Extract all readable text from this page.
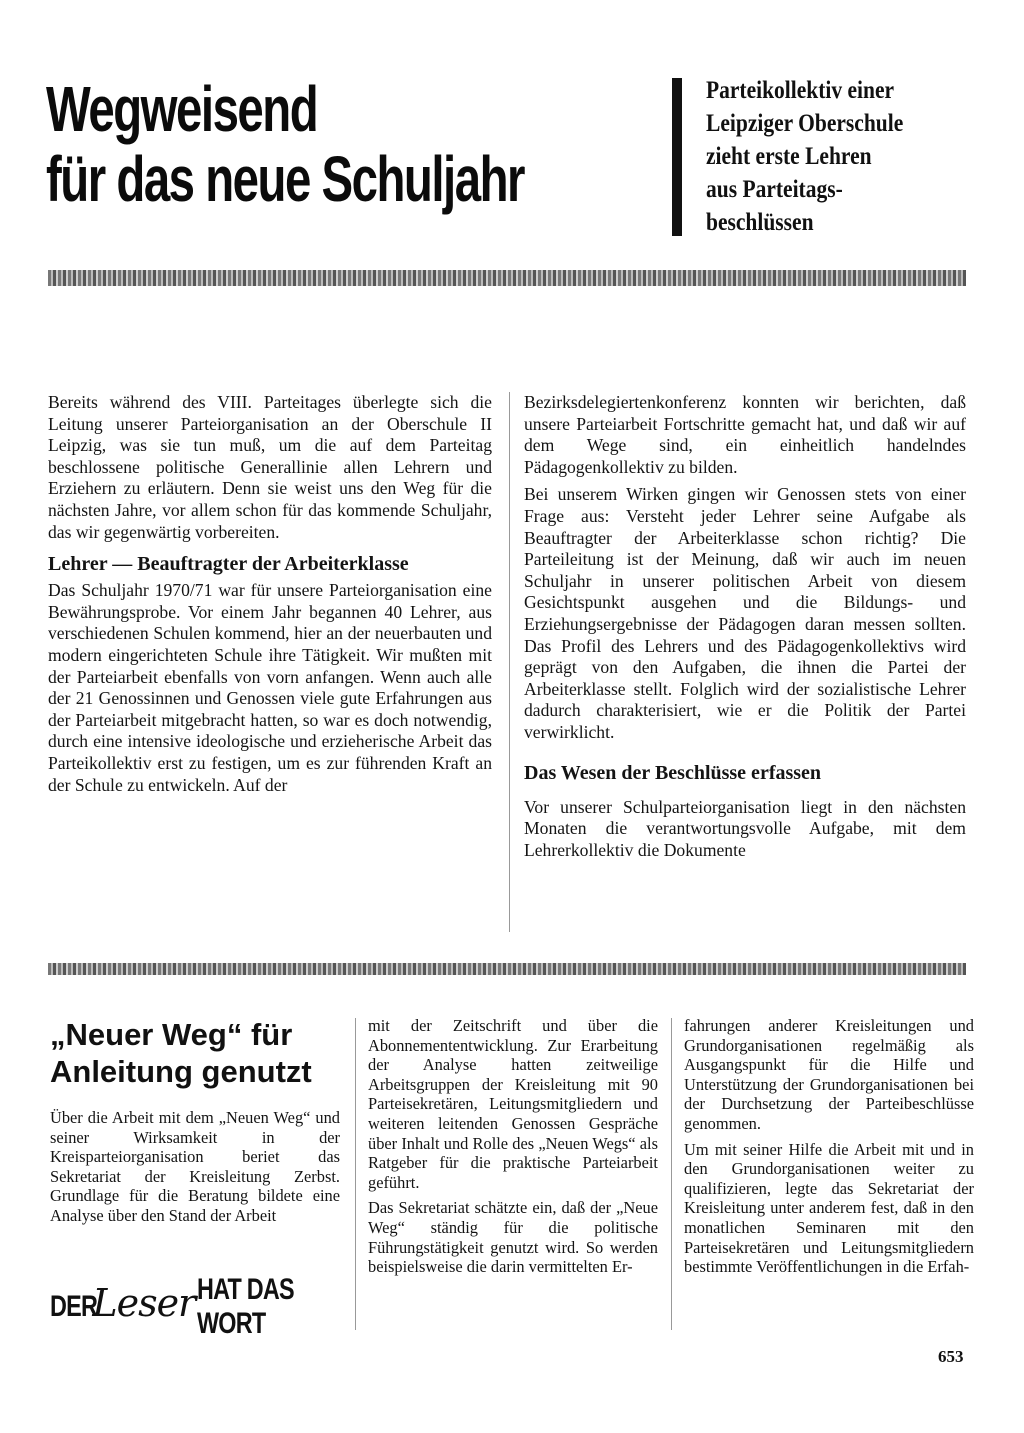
Wegweisend
für das neue Schuljahr
Parteikollektiv einer
Leipziger Oberschule
zieht erste Lehren
aus Parteitags-
beschlüssen

Bereits während des VIII. Parteitages überlegte sich die Leitung unserer Parteiorganisation an der Oberschule II Leipzig, was sie tun muß, um die auf dem Parteitag beschlossene politische Generallinie allen Lehrern und Erziehern zu erläutern. Denn sie weist uns den Weg für die nächsten Jahre, vor allem schon für das kommende Schuljahr, das wir gegenwärtig vorbereiten.

Lehrer — Beauftragter der Arbeiterklasse

Das Schuljahr 1970/71 war für unsere Parteiorganisation eine Bewährungsprobe. Vor einem Jahr begannen 40 Lehrer, aus verschiedenen Schulen kommend, hier an der neuerbauten und modern eingerichteten Schule ihre Tätigkeit. Wir mußten mit der Parteiarbeit ebenfalls von vorn anfangen. Wenn auch alle der 21 Genossinnen und Genossen viele gute Erfahrungen aus der Parteiarbeit mitgebracht hatten, so war es doch notwendig, durch eine intensive ideologische und erzieherische Arbeit das Parteikollektiv erst zu festigen, um es zur führenden Kraft an der Schule zu entwickeln. Auf der

Bezirksdelegiertenkonferenz konnten wir berichten, daß unsere Parteiarbeit Fortschritte gemacht hat, und daß wir auf dem Wege sind, ein einheitlich handelndes Pädagogenkollektiv zu bilden.

Bei unserem Wirken gingen wir Genossen stets von einer Frage aus: Versteht jeder Lehrer seine Aufgabe als Beauftragter der Arbeiterklasse schon richtig? Die Parteileitung ist der Meinung, daß wir auch im neuen Schuljahr in unserer politischen Arbeit von diesem Gesichtspunkt ausgehen und die Bildungs- und Erziehungsergebnisse der Pädagogen daran messen sollten. Das Profil des Lehrers und des Pädagogenkollektivs wird geprägt von den Aufgaben, die ihnen die Partei der Arbeiterklasse stellt. Folglich wird der sozialistische Lehrer dadurch charakterisiert, wie er die Politik der Partei verwirklicht.

Das Wesen der Beschlüsse erfassen

Vor unserer Schulparteiorganisation liegt in den nächsten Monaten die verantwortungsvolle Aufgabe, mit dem Lehrerkollektiv die Dokumente

„Neuer Weg“ für
Anleitung genutzt

Über die Arbeit mit dem „Neuen Weg“ und seiner Wirksamkeit in der Kreisparteiorganisation beriet das Sekretariat der Kreisleitung Zerbst. Grundlage für die Beratung bildete eine Analyse über den Stand der Arbeit

DER
Leser HAT DAS WORT

mit der Zeitschrift und über die Abonnemententwicklung. Zur Erarbeitung der Analyse hatten zeitweilige Arbeitsgruppen der Kreisleitung mit 90 Parteisekretären, Leitungsmitgliedern und weiteren leitenden Genossen Gespräche über Inhalt und Rolle des „Neuen Wegs“ als Ratgeber für die praktische Parteiarbeit geführt.

Das Sekretariat schätzte ein, daß der „Neue Weg“ ständig für die politische Führungstätigkeit genutzt wird. So werden beispielsweise die darin vermittelten Er-

fahrungen anderer Kreisleitungen und Grundorganisationen regelmäßig als Ausgangspunkt für die Hilfe und Unterstützung der Grundorganisationen bei der Durchsetzung der Parteibeschlüsse genommen.

Um mit seiner Hilfe die Arbeit mit und in den Grundorganisationen weiter zu qualifizieren, legte das Sekretariat der Kreisleitung unter anderem fest, daß in den monatlichen Seminaren mit den Parteisekretären und Leitungsmitgliedern bestimmte Veröffentlichungen in die Erfah-

653
